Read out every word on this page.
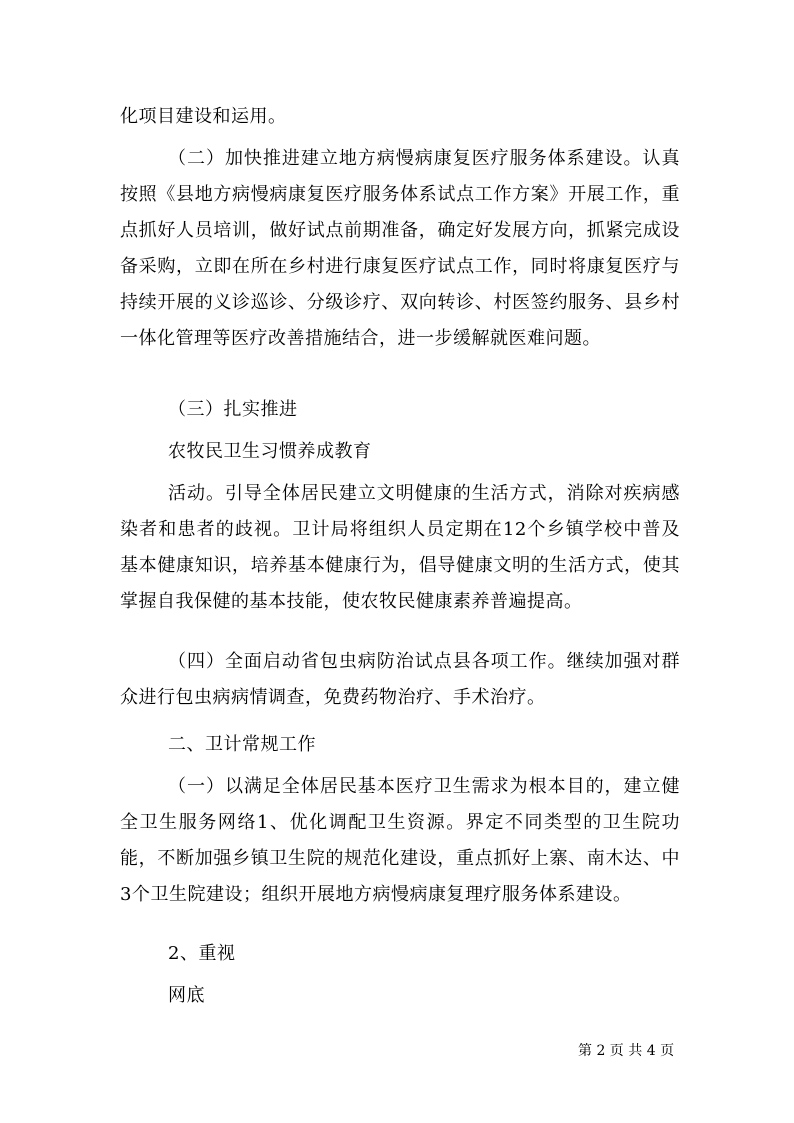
化项目建设和运用。

（二）加快推进建立地方病慢病康复医疗服务体系建设。认真按照《县地方病慢病康复医疗服务体系试点工作方案》开展工作，重点抓好人员培训，做好试点前期准备，确定好发展方向，抓紧完成设备采购，立即在所在乡村进行康复医疗试点工作，同时将康复医疗与持续开展的义诊巡诊、分级诊疗、双向转诊、村医签约服务、县乡村一体化管理等医疗改善措施结合，进一步缓解就医难问题。

（三）扎实推进

农牧民卫生习惯养成教育

活动。引导全体居民建立文明健康的生活方式，消除对疾病感染者和患者的歧视。卫计局将组织人员定期在12个乡镇学校中普及基本健康知识，培养基本健康行为，倡导健康文明的生活方式，使其掌握自我保健的基本技能，使农牧民健康素养普遍提高。

（四）全面启动省包虫病防治试点县各项工作。继续加强对群众进行包虫病病情调查，免费药物治疗、手术治疗。

二、卫计常规工作

（一）以满足全体居民基本医疗卫生需求为根本目的，建立健全卫生服务网络1、优化调配卫生资源。界定不同类型的卫生院功能，不断加强乡镇卫生院的规范化建设，重点抓好上寨、南木达、中3个卫生院建设；组织开展地方病慢病康复理疗服务体系建设。

2、重视

网底

第 2 页 共 4 页
